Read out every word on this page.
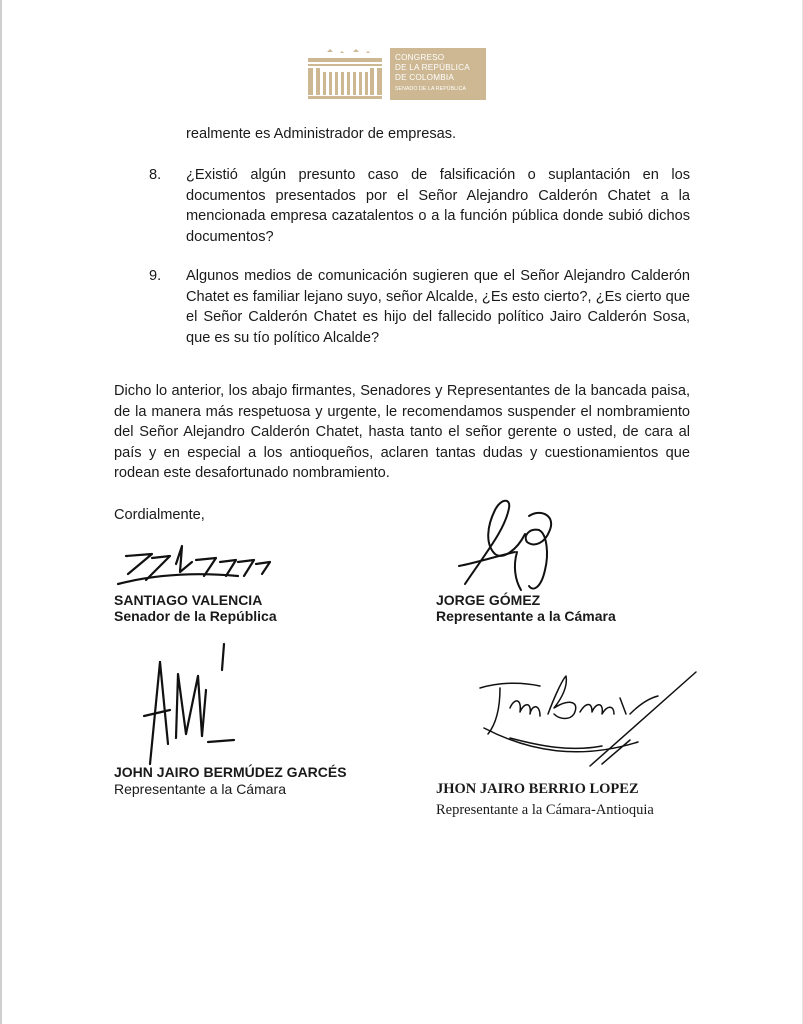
CONGRESO
DE LA REPÚBLICA
DE COLOMBIA
SENADO DE LA REPÚBLICA
realmente es Administrador de empresas.
8. ¿Existió algún presunto caso de falsificación o suplantación en los documentos presentados por el Señor Alejandro Calderón Chatet a la mencionada empresa cazatalentos o a la función pública donde subió dichos documentos?
9. Algunos medios de comunicación sugieren que el Señor Alejandro Calderón Chatet es familiar lejano suyo, señor Alcalde, ¿Es esto cierto?, ¿Es cierto que el Señor Calderón Chatet es hijo del fallecido político Jairo Calderón Sosa, que es su tío político Alcalde?
Dicho lo anterior, los abajo firmantes, Senadores y Representantes de la bancada paisa, de la manera más respetuosa y urgente, le recomendamos suspender el nombramiento del Señor Alejandro Calderón Chatet, hasta tanto el señor gerente o usted, de cara al país y en especial a los antioqueños, aclaren tantas dudas y cuestionamientos que rodean este desafortunado nombramiento.
Cordialmente,
SANTIAGO VALENCIA
Senador de la República
JORGE GÓMEZ
Representante a la Cámara
JOHN JAIRO BERMÚDEZ GARCÉS
Representante a la Cámara	JHON JAIRO BERRIO LOPEZ
Representante a la Cámara-Antioquia
